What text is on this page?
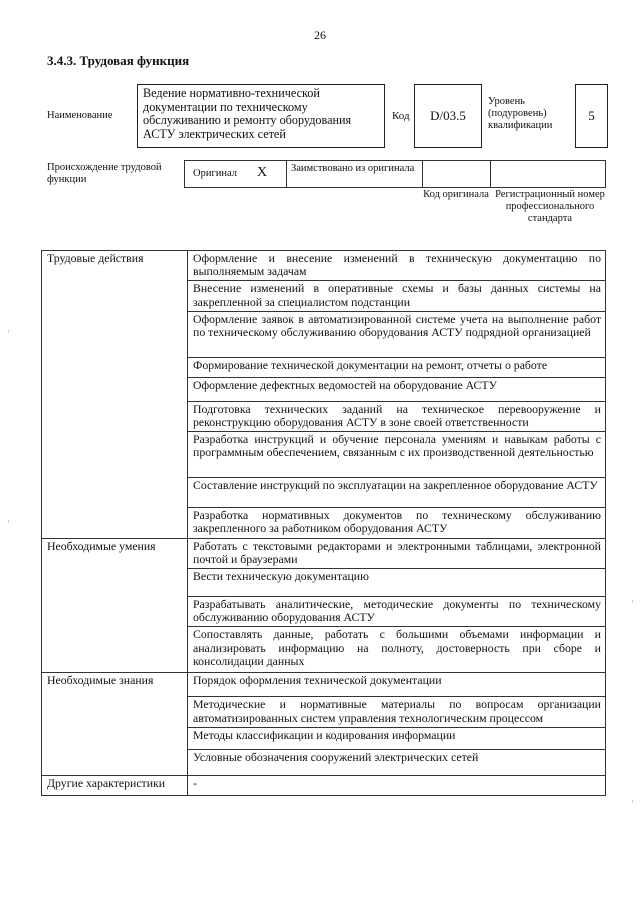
26
3.4.3. Трудовая функция
Наименование
Ведение нормативно-технической документации по техническому обслуживанию и ремонту оборудования АСТУ электрических сетей
Код D/03.5
Уровень (подуровень) квалификации
5
Происхождение трудовой функции
Оригинал X Заимствовано из оригинала
Код оригинала Регистрационный номер профессионального стандарта
Трудовые действия	Оформление и внесение изменений в техническую документацию по выполняемым задачам
	Внесение изменений в оперативные схемы и базы данных системы на закрепленной за специалистом подстанции
	Оформление заявок в автоматизированной системе учета на выполнение работ по техническому обслуживанию оборудования АСТУ подрядной организацией
	Формирование технической документации на ремонт, отчеты о работе
	Оформление дефектных ведомостей на оборудование АСТУ
	Подготовка технических заданий на техническое перевооружение и реконструкцию оборудования АСТУ в зоне своей ответственности
	Разработка инструкций и обучение персонала умениям и навыкам работы с программным обеспечением, связанным с их производственной деятельностью
	Составление инструкций по эксплуатации на закрепленное оборудование АСТУ
	Разработка нормативных документов по техническому обслуживанию закрепленного за работником оборудования АСТУ
Необходимые умения	Работать с текстовыми редакторами и электронными таблицами, электронной почтой и браузерами
	Вести техническую документацию
	Разрабатывать аналитические, методические документы по техническому обслуживанию оборудования АСТУ
	Сопоставлять данные, работать с большими объемами информации и анализировать информацию на полноту, достоверность при сборе и консолидации данных
Необходимые знания	Порядок оформления технической документации
	Методические и нормативные материалы по вопросам организации автоматизированных систем управления технологическим процессом
	Методы классификации и кодирования информации
	Условные обозначения сооружений электрических сетей
Другие характеристики	-
